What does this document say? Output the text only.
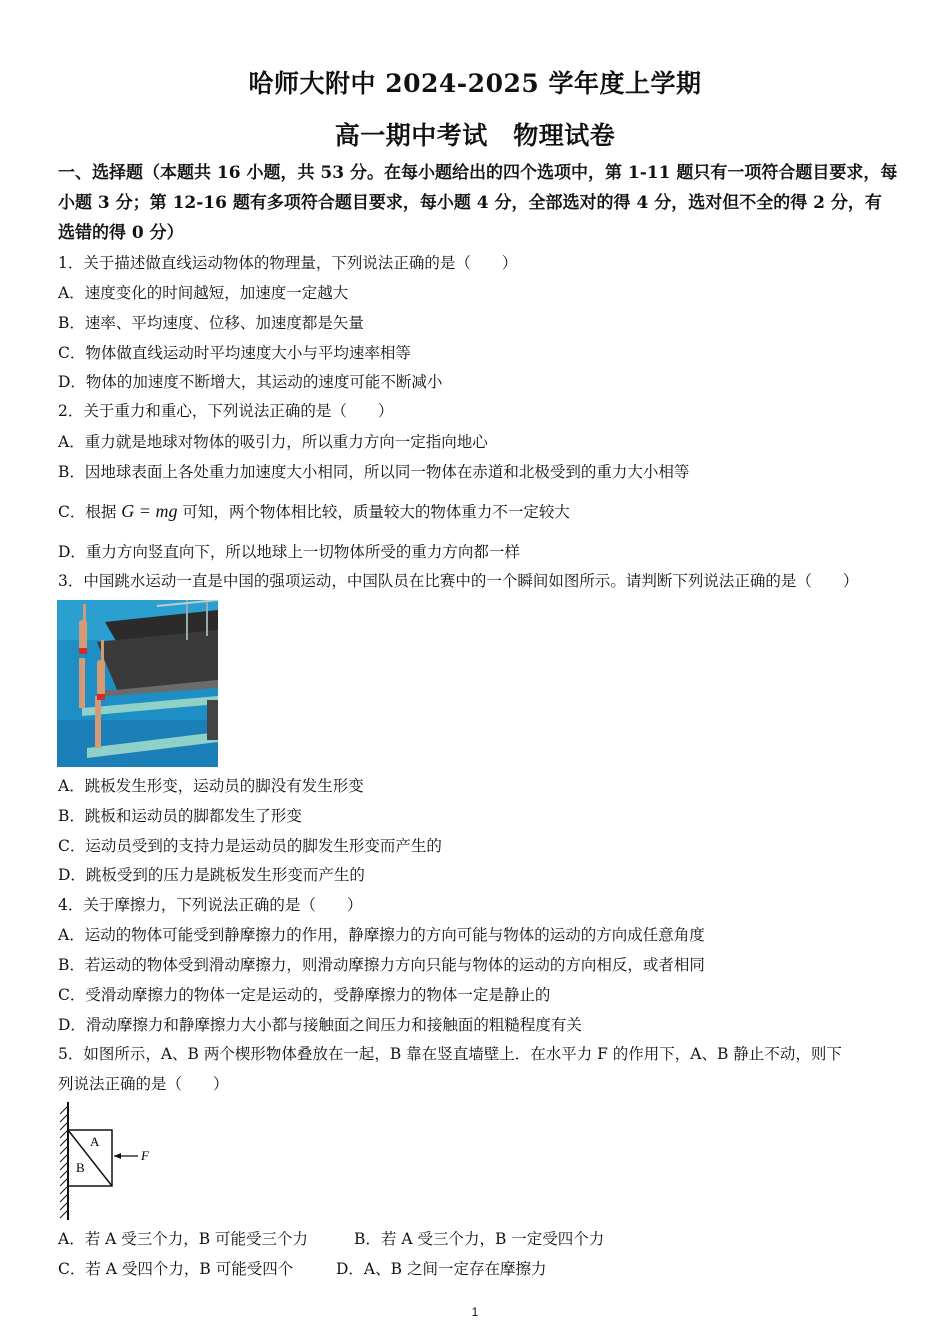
哈师大附中 2024-2025 学年度上学期
高一期中考试　物理试卷
一、选择题（本题共 16 小题，共 53 分。在每小题给出的四个选项中，第 1-11 题只有一项符合题目要求，每小题 3 分；第 12-16 题有多项符合题目要求，每小题 4 分，全部选对的得 4 分，选对但不全的得 2 分，有选错的得 0 分）
1．关于描述做直线运动物体的物理量，下列说法正确的是（　　）
A．速度变化的时间越短，加速度一定越大
B．速率、平均速度、位移、加速度都是矢量
C．物体做直线运动时平均速度大小与平均速率相等
D．物体的加速度不断增大，其运动的速度可能不断减小
2．关于重力和重心，下列说法正确的是（　　）
A．重力就是地球对物体的吸引力，所以重力方向一定指向地心
B．因地球表面上各处重力加速度大小相同，所以同一物体在赤道和北极受到的重力大小相等
C．根据 G = mg 可知，两个物体相比较，质量较大的物体重力不一定较大
D．重力方向竖直向下，所以地球上一切物体所受的重力方向都一样
3．中国跳水运动一直是中国的强项运动，中国队员在比赛中的一个瞬间如图所示。请判断下列说法正确的是（　　）
A．跳板发生形变，运动员的脚没有发生形变
B．跳板和运动员的脚都发生了形变
C．运动员受到的支持力是运动员的脚发生形变而产生的
D．跳板受到的压力是跳板发生形变而产生的
4．关于摩擦力，下列说法正确的是（　　）
A．运动的物体可能受到静摩擦力的作用，静摩擦力的方向可能与物体的运动的方向成任意角度
B．若运动的物体受到滑动摩擦力，则滑动摩擦力方向只能与物体的运动的方向相反，或者相同
C．受滑动摩擦力的物体一定是运动的，受静摩擦力的物体一定是静止的
D．滑动摩擦力和静摩擦力大小都与接触面之间压力和接触面的粗糙程度有关
5．如图所示，A、B 两个楔形物体叠放在一起，B 靠在竖直墙壁上．在水平力 F 的作用下，A、B 静止不动，则下
列说法正确的是（　　）
A
B
F
A．若 A 受三个力，B 可能受三个力	B．若 A 受三个力，B 一定受四个力
C．若 A 受四个力，B 可能受四个	D．A、B 之间一定存在摩擦力
1
